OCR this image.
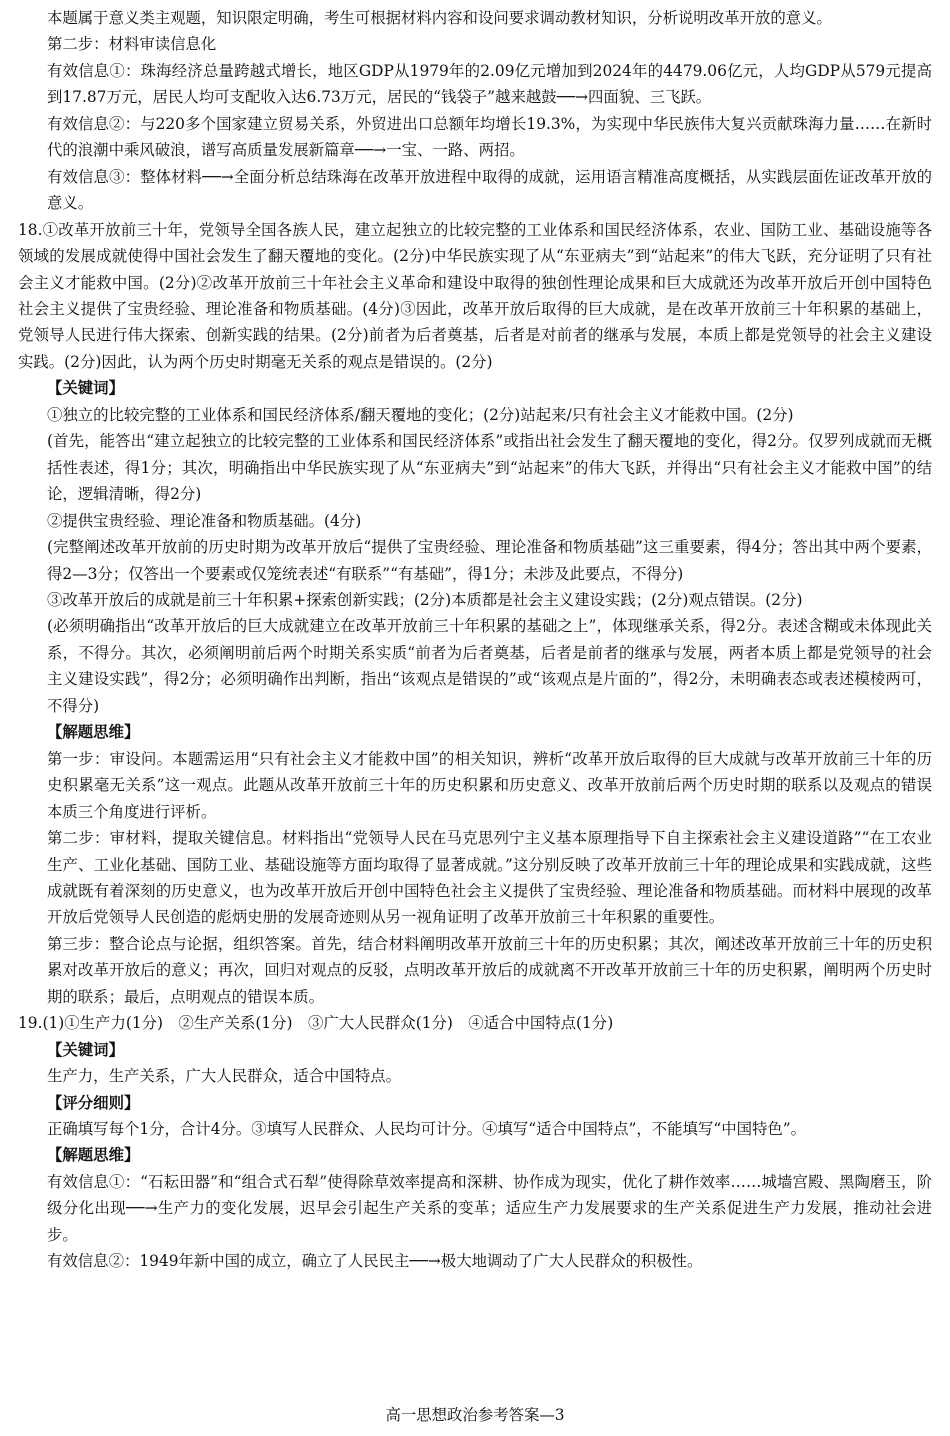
本题属于意义类主观题，知识限定明确，考生可根据材料内容和设问要求调动教材知识，分析说明改革开放的意义。
第二步：材料审读信息化
有效信息①：珠海经济总量跨越式增长，地区GDP从1979年的2.09亿元增加到2024年的4479.06亿元，人均GDP从579元提高到17.87万元，居民人均可支配收入达6.73万元，居民的“钱袋子”越来越鼓──→四面貌、三飞跃。
有效信息②：与220多个国家建立贸易关系，外贸进出口总额年均增长19.3%，为实现中华民族伟大复兴贡献珠海力量……在新时代的浪潮中乘风破浪，谱写高质量发展新篇章──→一宝、一路、两招。
有效信息③：整体材料──→全面分析总结珠海在改革开放进程中取得的成就，运用语言精准高度概括，从实践层面佐证改革开放的意义。
18.①改革开放前三十年，党领导全国各族人民，建立起独立的比较完整的工业体系和国民经济体系，农业、国防工业、基础设施等各领域的发展成就使得中国社会发生了翻天覆地的变化。(2分)中华民族实现了从“东亚病夫”到“站起来”的伟大飞跃，充分证明了只有社会主义才能救中国。(2分)②改革开放前三十年社会主义革命和建设中取得的独创性理论成果和巨大成就还为改革开放后开创中国特色社会主义提供了宝贵经验、理论准备和物质基础。(4分)③因此，改革开放后取得的巨大成就，是在改革开放前三十年积累的基础上，党领导人民进行伟大探索、创新实践的结果。(2分)前者为后者奠基，后者是对前者的继承与发展，本质上都是党领导的社会主义建设实践。(2分)因此，认为两个历史时期毫无关系的观点是错误的。(2分)
【关键词】
①独立的比较完整的工业体系和国民经济体系/翻天覆地的变化；(2分)站起来/只有社会主义才能救中国。(2分)
(首先，能答出“建立起独立的比较完整的工业体系和国民经济体系”或指出社会发生了翻天覆地的变化，得2分。仅罗列成就而无概括性表述，得1分；其次，明确指出中华民族实现了从“东亚病夫”到“站起来”的伟大飞跃，并得出“只有社会主义才能救中国”的结论，逻辑清晰，得2分)
②提供宝贵经验、理论准备和物质基础。(4分)
(完整阐述改革开放前的历史时期为改革开放后“提供了宝贵经验、理论准备和物质基础”这三重要素，得4分；答出其中两个要素，得2—3分；仅答出一个要素或仅笼统表述“有联系”“有基础”，得1分；未涉及此要点，不得分)
③改革开放后的成就是前三十年积累+探索创新实践；(2分)本质都是社会主义建设实践；(2分)观点错误。(2分)
(必须明确指出“改革开放后的巨大成就建立在改革开放前三十年积累的基础之上”，体现继承关系，得2分。表述含糊或未体现此关系，不得分。其次，必须阐明前后两个时期关系实质“前者为后者奠基，后者是前者的继承与发展，两者本质上都是党领导的社会主义建设实践”，得2分；必须明确作出判断，指出“该观点是错误的”或“该观点是片面的”，得2分，未明确表态或表述模棱两可，不得分)
【解题思维】
第一步：审设问。本题需运用“只有社会主义才能救中国”的相关知识，辨析“改革开放后取得的巨大成就与改革开放前三十年的历史积累毫无关系”这一观点。此题从改革开放前三十年的历史积累和历史意义、改革开放前后两个历史时期的联系以及观点的错误本质三个角度进行评析。
第二步：审材料，提取关键信息。材料指出“党领导人民在马克思列宁主义基本原理指导下自主探索社会主义建设道路”“在工农业生产、工业化基础、国防工业、基础设施等方面均取得了显著成就。”这分别反映了改革开放前三十年的理论成果和实践成就，这些成就既有着深刻的历史意义，也为改革开放后开创中国特色社会主义提供了宝贵经验、理论准备和物质基础。而材料中展现的改革开放后党领导人民创造的彪炳史册的发展奇迹则从另一视角证明了改革开放前三十年积累的重要性。
第三步：整合论点与论据，组织答案。首先，结合材料阐明改革开放前三十年的历史积累；其次，阐述改革开放前三十年的历史积累对改革开放后的意义；再次，回归对观点的反驳，点明改革开放后的成就离不开改革开放前三十年的历史积累，阐明两个历史时期的联系；最后，点明观点的错误本质。
19.(1)①生产力(1分)　②生产关系(1分)　③广大人民群众(1分)　④适合中国特点(1分)
【关键词】
生产力，生产关系，广大人民群众，适合中国特点。
【评分细则】
正确填写每个1分，合计4分。③填写人民群众、人民均可计分。④填写“适合中国特点”，不能填写“中国特色”。
【解题思维】
有效信息①：“石耘田器”和“组合式石犁”使得除草效率提高和深耕、协作成为现实，优化了耕作效率……城墙宫殿、黑陶磨玉，阶级分化出现──→生产力的变化发展，迟早会引起生产关系的变革；适应生产力发展要求的生产关系促进生产力发展，推动社会进步。
有效信息②：1949年新中国的成立，确立了人民民主──→极大地调动了广大人民群众的积极性。
高一思想政治参考答案—3
